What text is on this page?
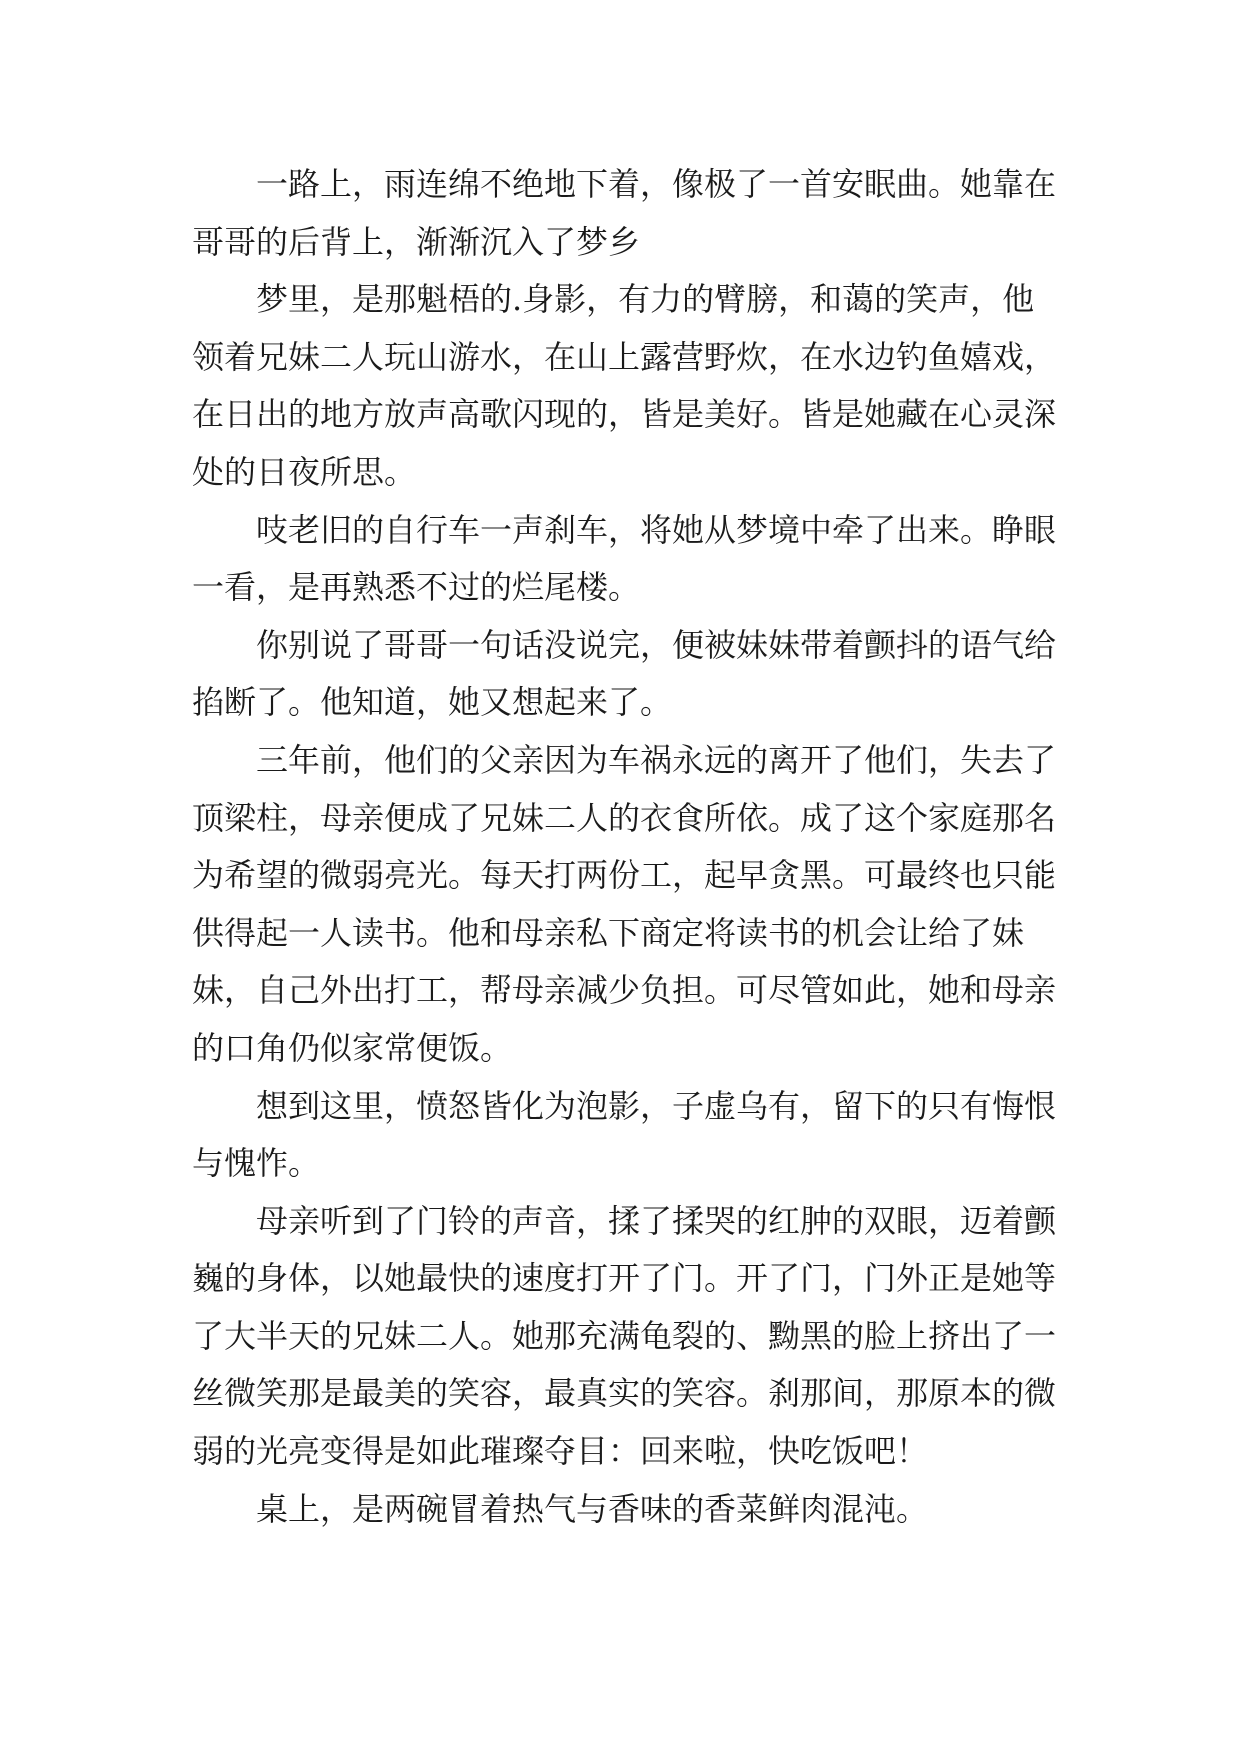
一路上，雨连绵不绝地下着，像极了一首安眠曲。她靠在哥哥的后背上，渐渐沉入了梦乡

梦里，是那魁梧的.身影，有力的臂膀，和蔼的笑声，他领着兄妹二人玩山游水，在山上露营野炊，在水边钓鱼嬉戏，在日出的地方放声高歌闪现的，皆是美好。皆是她藏在心灵深处的日夜所思。

吱老旧的自行车一声刹车，将她从梦境中牵了出来。睁眼一看，是再熟悉不过的烂尾楼。

你别说了哥哥一句话没说完，便被妹妹带着颤抖的语气给掐断了。他知道，她又想起来了。

三年前，他们的父亲因为车祸永远的离开了他们，失去了顶梁柱，母亲便成了兄妹二人的衣食所依。成了这个家庭那名为希望的微弱亮光。每天打两份工，起早贪黑。可最终也只能供得起一人读书。他和母亲私下商定将读书的机会让给了妹妹，自己外出打工，帮母亲减少负担。可尽管如此，她和母亲的口角仍似家常便饭。

想到这里，愤怒皆化为泡影，子虚乌有，留下的只有悔恨与愧怍。

母亲听到了门铃的声音，揉了揉哭的红肿的双眼，迈着颤巍的身体，以她最快的速度打开了门。开了门，门外正是她等了大半天的兄妹二人。她那充满龟裂的、黝黑的脸上挤出了一丝微笑那是最美的笑容，最真实的笑容。刹那间，那原本的微弱的光亮变得是如此璀璨夺目：回来啦，快吃饭吧！

桌上，是两碗冒着热气与香味的香菜鲜肉混沌。
